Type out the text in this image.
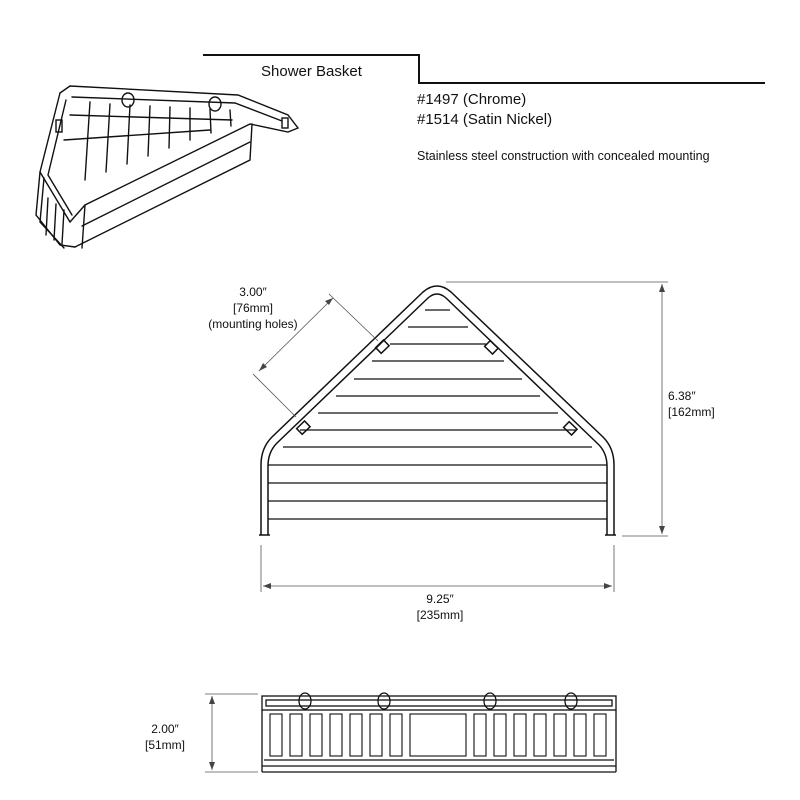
Shower Basket
#1497 (Chrome)
#1514 (Satin Nickel)
Stainless steel construction with concealed mounting
3.00″
[76mm]
(mounting holes)
6.38″
[162mm]
9.25″
[235mm]
2.00″
[51mm]
